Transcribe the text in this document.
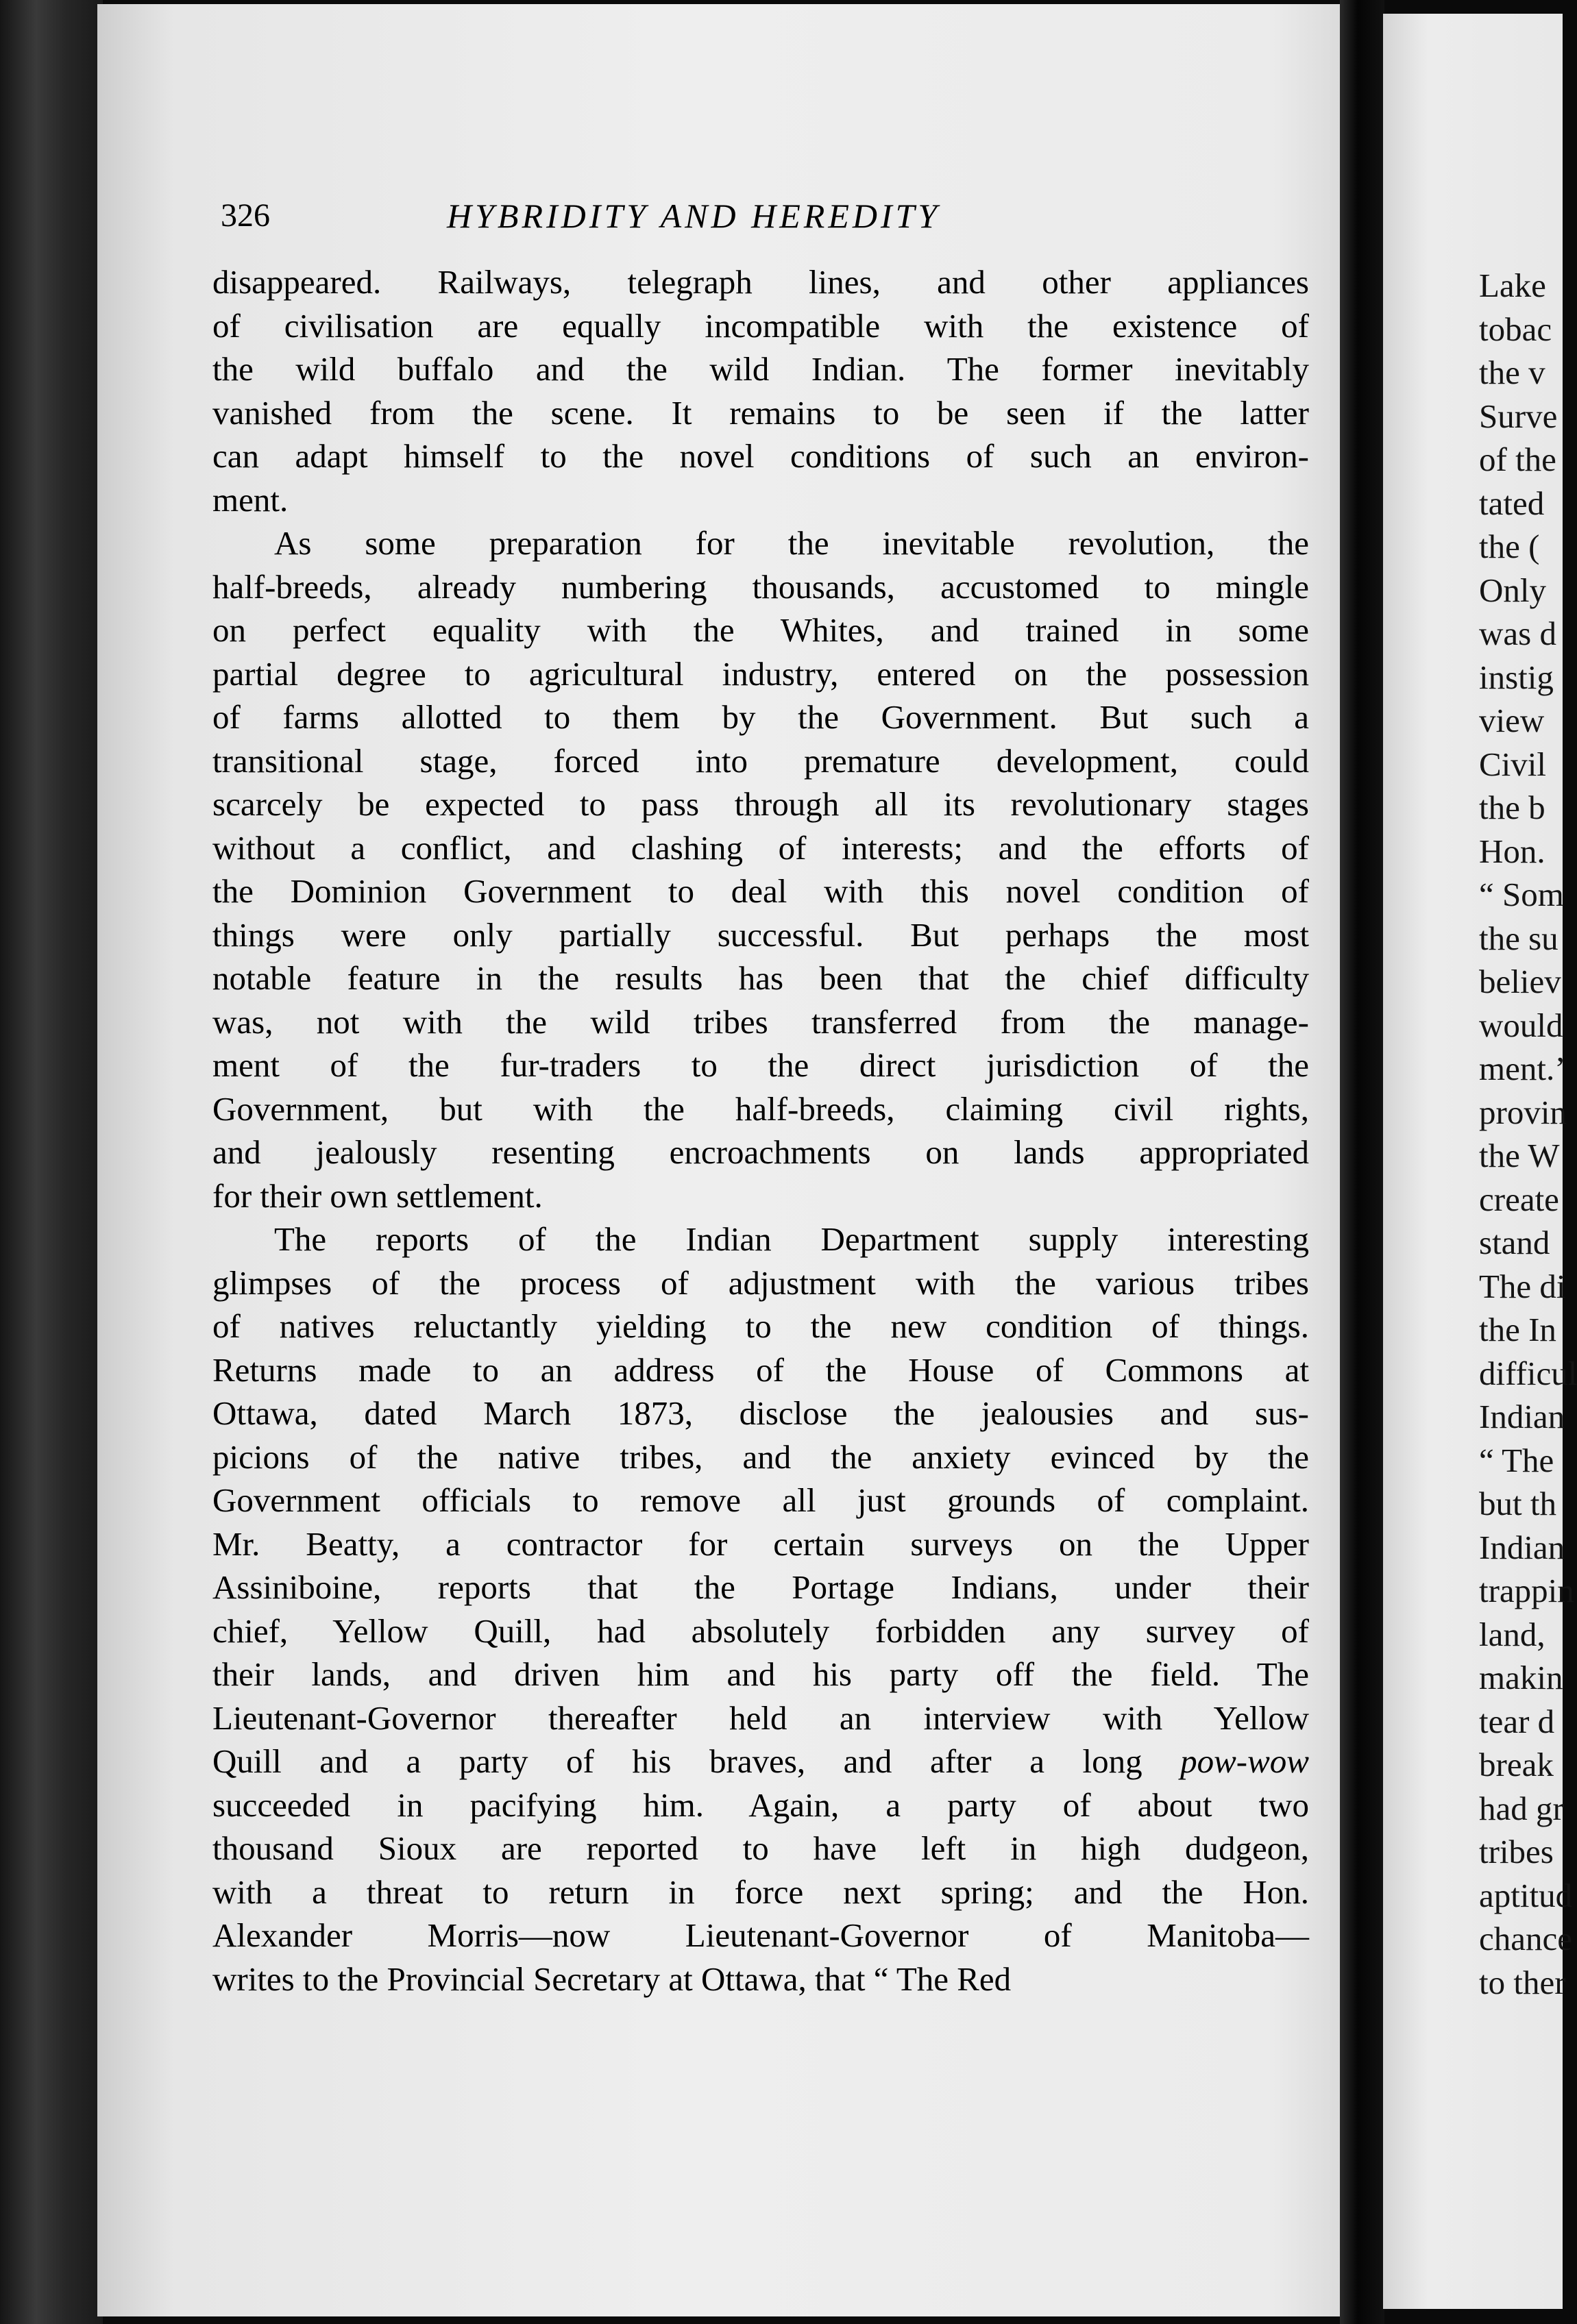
326	HYBRIDITY AND HEREDITY
disappeared. Railways, telegraph lines, and other appliances
of civilisation are equally incompatible with the existence of
the wild buffalo and the wild Indian. The former inevitably
vanished from the scene. It remains to be seen if the latter
can adapt himself to the novel conditions of such an environ-
ment.
As some preparation for the inevitable revolution, the
half-breeds, already numbering thousands, accustomed to mingle
on perfect equality with the Whites, and trained in some
partial degree to agricultural industry, entered on the possession
of farms allotted to them by the Government. But such a
transitional stage, forced into premature development, could
scarcely be expected to pass through all its revolutionary stages
without a conflict, and clashing of interests; and the efforts of
the Dominion Government to deal with this novel condition of
things were only partially successful. But perhaps the most
notable feature in the results has been that the chief difficulty
was, not with the wild tribes transferred from the manage-
ment of the fur-traders to the direct jurisdiction of the
Government, but with the half-breeds, claiming civil rights,
and jealously resenting encroachments on lands appropriated
for their own settlement.
The reports of the Indian Department supply interesting
glimpses of the process of adjustment with the various tribes
of natives reluctantly yielding to the new condition of things.
Returns made to an address of the House of Commons at
Ottawa, dated March 1873, disclose the jealousies and sus-
picions of the native tribes, and the anxiety evinced by the
Government officials to remove all just grounds of complaint.
Mr. Beatty, a contractor for certain surveys on the Upper
Assiniboine, reports that the Portage Indians, under their
chief, Yellow Quill, had absolutely forbidden any survey of
their lands, and driven him and his party off the field. The
Lieutenant-Governor thereafter held an interview with Yellow
Quill and a party of his braves, and after a long pow-wow
succeeded in pacifying him. Again, a party of about two
thousand Sioux are reported to have left in high dudgeon,
with a threat to return in force next spring; and the Hon.
Alexander Morris—now Lieutenant-Governor of Manitoba—
writes to the Provincial Secretary at Ottawa, that “ The Red
Lake
tobac
the v
Surve
of the
tated
the (
Only
was d
instig
view
Civil
the b
Hon.
“ Som
the su
believ
would
ment.’
provin
the W
create
stand
The di
the In
difficul
Indian
“ The
but th
Indian
trappin
land,
makin
tear d
break
had gr
tribes
aptitud
chance
to ther
